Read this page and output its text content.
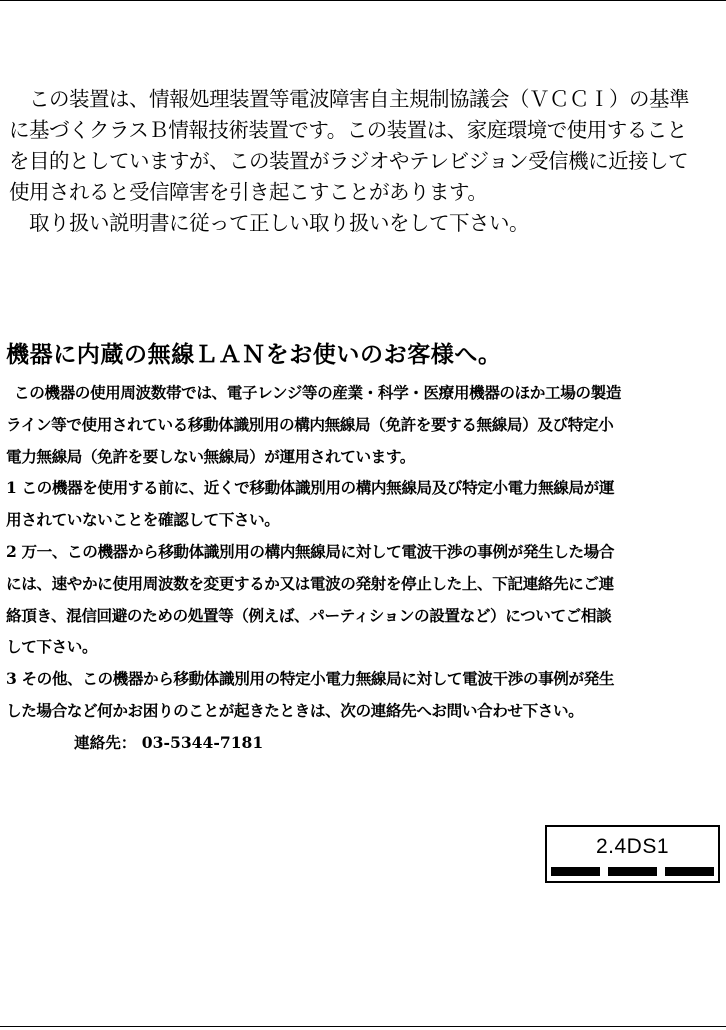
　この装置は、情報処理装置等電波障害自主規制協議会（ＶＣＣＩ）の基準

に基づくクラスＢ情報技術装置です。この装置は、家庭環境で使用すること

を目的としていますが、この装置がラジオやテレビジョン受信機に近接して

使用されると受信障害を引き起こすことがあります。

　取り扱い説明書に従って正しい取り扱いをして下さい。

機器に内蔵の無線ＬＡＮをお使いのお客様へ。

この機器の使用周波数帯では、電子レンジ等の産業・科学・医療用機器のほか工場の製造

ライン等で使用されている移動体識別用の構内無線局（免許を要する無線局）及び特定小

電力無線局（免許を要しない無線局）が運用されています。

1 この機器を使用する前に、近くで移動体識別用の構内無線局及び特定小電力無線局が運

用されていないことを確認して下さい。

2 万一、この機器から移動体識別用の構内無線局に対して電波干渉の事例が発生した場合

には、速やかに使用周波数を変更するか又は電波の発射を停止した上、下記連絡先にご連

絡頂き、混信回避のための処置等（例えば、パーティションの設置など）についてご相談

して下さい。

3 その他、この機器から移動体識別用の特定小電力無線局に対して電波干渉の事例が発生

した場合など何かお困りのことが起きたときは、次の連絡先へお問い合わせ下さい。

連絡先： 03-5344-7181

2.4DS1
